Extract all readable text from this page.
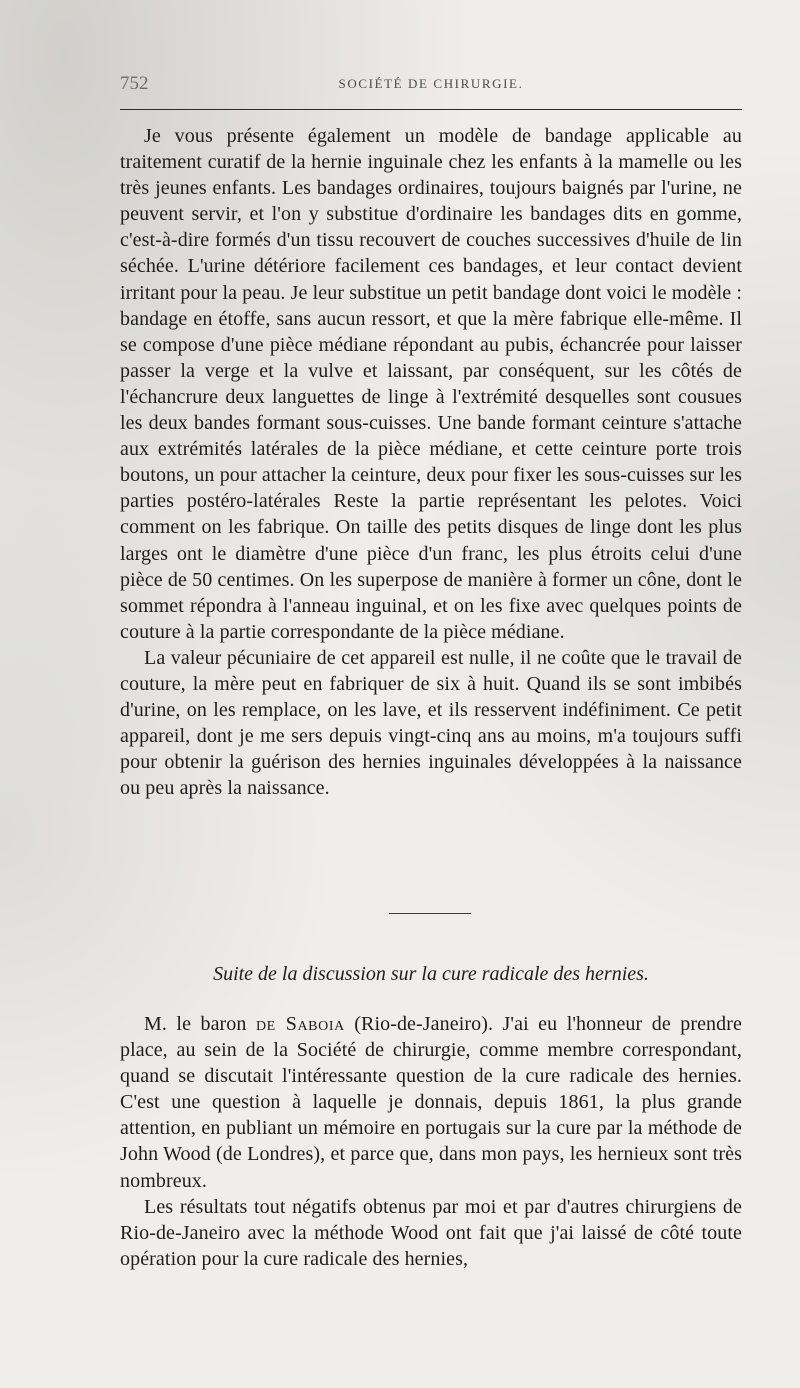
752	SOCIÉTÉ DE CHIRURGIE.

Je vous présente également un modèle de bandage applicable au traitement curatif de la hernie inguinale chez les enfants à la mamelle ou les très jeunes enfants. Les bandages ordinaires, toujours baignés par l'urine, ne peuvent servir, et l'on y substitue d'ordinaire les bandages dits en gomme, c'est-à-dire formés d'un tissu recouvert de couches successives d'huile de lin séchée. L'urine détériore facilement ces bandages, et leur contact devient irritant pour la peau. Je leur substitue un petit bandage dont voici le modèle : bandage en étoffe, sans aucun ressort, et que la mère fabrique elle-même. Il se compose d'une pièce médiane répondant au pubis, échancrée pour laisser passer la verge et la vulve et laissant, par conséquent, sur les côtés de l'échancrure deux languettes de linge à l'extrémité desquelles sont cousues les deux bandes formant sous-cuisses. Une bande formant ceinture s'attache aux extrémités latérales de la pièce médiane, et cette ceinture porte trois boutons, un pour attacher la ceinture, deux pour fixer les sous-cuisses sur les parties postéro-latérales Reste la partie représentant les pelotes. Voici comment on les fabrique. On taille des petits disques de linge dont les plus larges ont le diamètre d'une pièce d'un franc, les plus étroits celui d'une pièce de 50 centimes. On les superpose de manière à former un cône, dont le sommet répondra à l'anneau inguinal, et on les fixe avec quelques points de couture à la partie correspondante de la pièce médiane.

La valeur pécuniaire de cet appareil est nulle, il ne coûte que le travail de couture, la mère peut en fabriquer de six à huit. Quand ils se sont imbibés d'urine, on les remplace, on les lave, et ils resservent indéfiniment. Ce petit appareil, dont je me sers depuis vingt-cinq ans au moins, m'a toujours suffi pour obtenir la guérison des hernies inguinales développées à la naissance ou peu après la naissance.

Suite de la discussion sur la cure radicale des hernies.

M. le baron de Saboia (Rio-de-Janeiro). J'ai eu l'honneur de prendre place, au sein de la Société de chirurgie, comme membre correspondant, quand se discutait l'intéressante question de la cure radicale des hernies. C'est une question à laquelle je donnais, depuis 1861, la plus grande attention, en publiant un mémoire en portugais sur la cure par la méthode de John Wood (de Londres), et parce que, dans mon pays, les hernieux sont très nombreux.

Les résultats tout négatifs obtenus par moi et par d'autres chirurgiens de Rio-de-Janeiro avec la méthode Wood ont fait que j'ai laissé de côté toute opération pour la cure radicale des hernies,
